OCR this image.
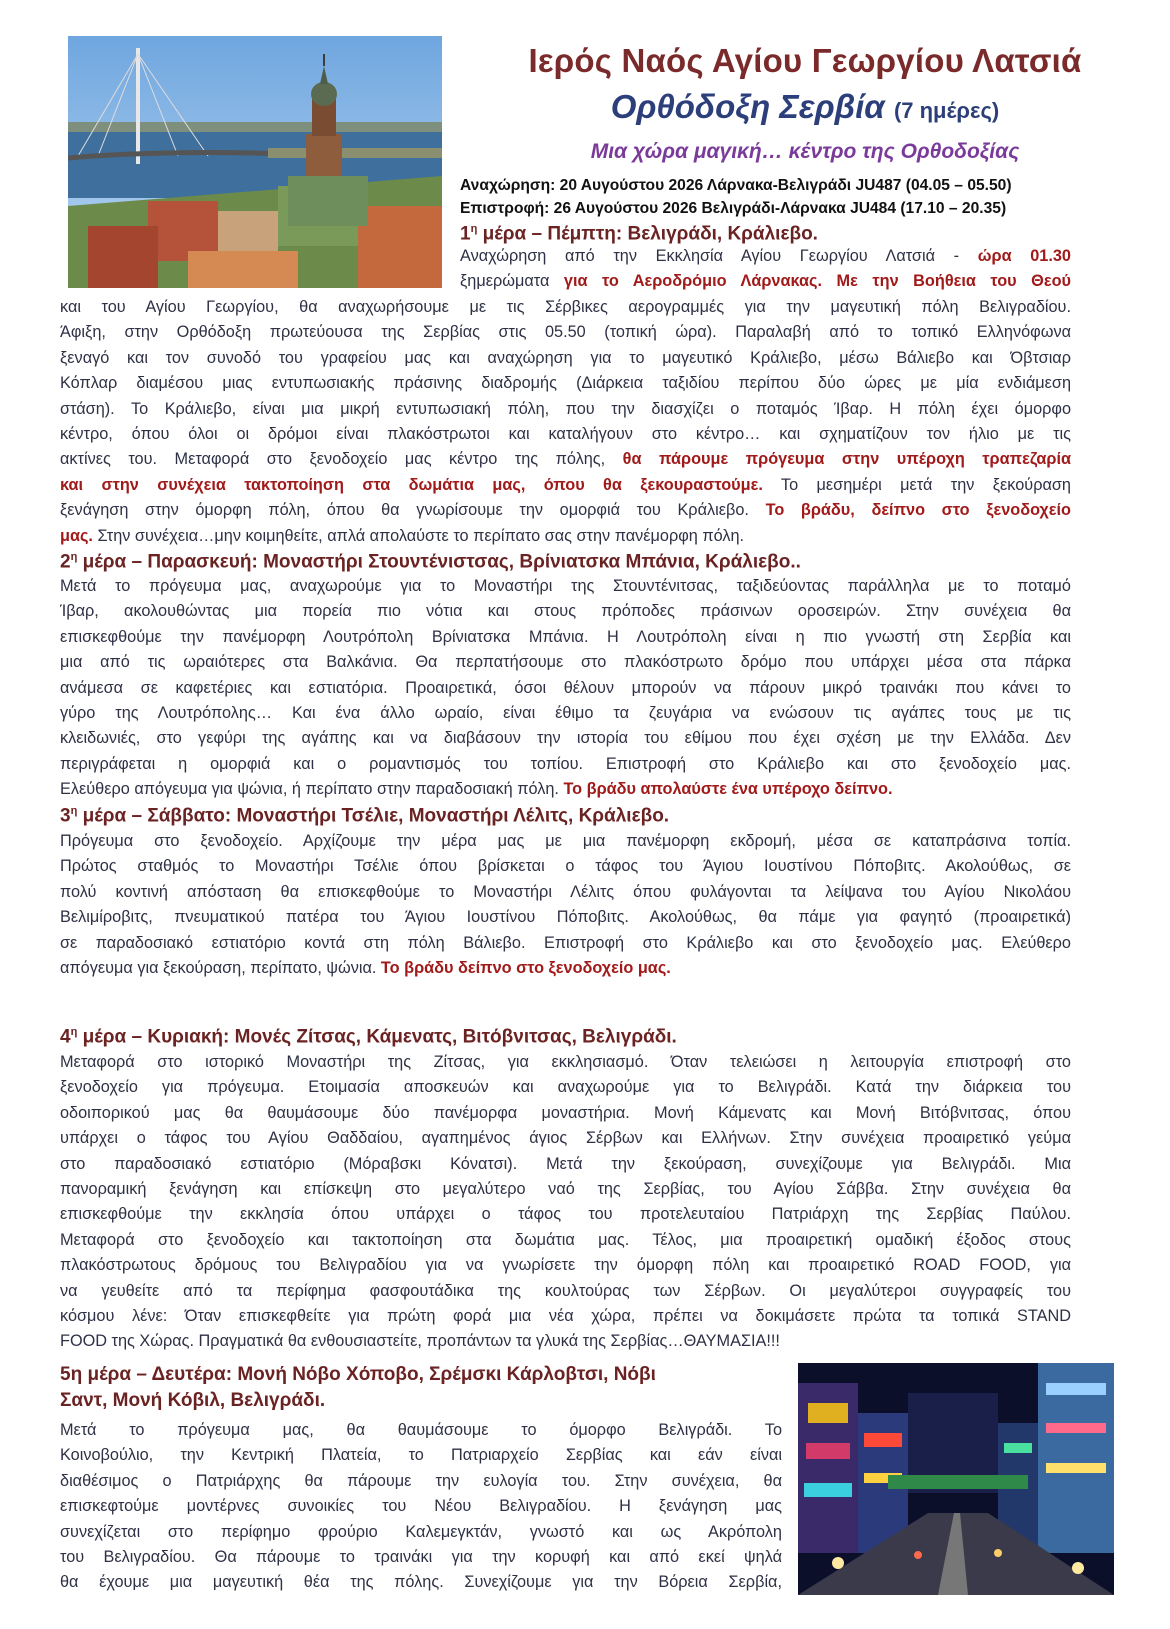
Ιερός Ναός Αγίου Γεωργίου Λατσιά
Ορθόδοξη Σερβία (7 ημέρες)
Μια χώρα μαγική… κέντρο της Ορθοδοξίας
Αναχώρηση: 20 Αυγούστου 2026 Λάρνακα-Βελιγράδι JU487 (04.05 – 05.50)
Επιστροφή: 26 Αυγούστου 2026 Βελιγράδι-Λάρνακα JU484 (17.10 – 20.35)
$1^\eta$ μέρα – Πέμπτη: Βελιγράδι, Κράλιεβο.
Αναχώρηση από την Εκκλησία Αγίου Γεωργίου Λατσιά - ώρα 01.30
ξημερώματα για το Αεροδρόμιο Λάρνακας. Με την Βοήθεια του Θεού
και του Αγίου Γεωργίου, θα αναχωρήσουμε με τις Σέρβικες αερογραμμές για την μαγευτική πόλη Βελιγραδίου.
Άφιξη, στην Ορθόδοξη πρωτεύουσα της Σερβίας στις 05.50 (τοπική ώρα). Παραλαβή από το τοπικό Ελληνόφωνα
ξεναγό και τον συνοδό του γραφείου μας και αναχώρηση για το μαγευτικό Κράλιεβο, μέσω Βάλιεβο και Όβτσιαρ
Κόπλαρ διαμέσου μιας εντυπωσιακής πράσινης διαδρομής (Διάρκεια ταξιδίου περίπου δύο ώρες με μία ενδιάμεση
στάση). Το Κράλιεβο, είναι μια μικρή εντυπωσιακή πόλη, που την διασχίζει ο ποταμός Ίβαρ. Η πόλη έχει όμορφο
κέντρο, όπου όλοι οι δρόμοι είναι πλακόστρωτοι και καταλήγουν στο κέντρο… και σχηματίζουν τον ήλιο με τις
ακτίνες του. Μεταφορά στο ξενοδοχείο μας κέντρο της πόλης, θα πάρουμε πρόγευμα στην υπέροχη τραπεζαρία
και στην συνέχεια τακτοποίηση στα δωμάτια μας, όπου θα ξεκουραστούμε. Το μεσημέρι μετά την ξεκούραση
ξενάγηση στην όμορφη πόλη, όπου θα γνωρίσουμε την ομορφιά του Κράλιεβο. Το βράδυ, δείπνο στο ξενοδοχείο
μας. Στην συνέχεια…μην κοιμηθείτε, απλά απολαύστε το περίπατο σας στην πανέμορφη πόλη.
$2^\eta$ μέρα – Παρασκευή: Μοναστήρι Στουντένιστσας, Βρίνιατσκα Μπάνια, Κράλιεβο..
Μετά το πρόγευμα μας, αναχωρούμε για το Μοναστήρι της Στουντένιτσας, ταξιδεύοντας παράλληλα με το ποταμό
Ίβαρ, ακολουθώντας μια πορεία πιο νότια και στους πρόποδες πράσινων οροσειρών. Στην συνέχεια θα
επισκεφθούμε την πανέμορφη Λουτρόπολη Βρίνιατσκα Μπάνια. Η Λουτρόπολη είναι η πιο γνωστή στη Σερβία και
μια από τις ωραιότερες στα Βαλκάνια. Θα περπατήσουμε στο πλακόστρωτο δρόμο που υπάρχει μέσα στα πάρκα
ανάμεσα σε καφετέριες και εστιατόρια. Προαιρετικά, όσοι θέλουν μπορούν να πάρουν μικρό τραινάκι που κάνει το
γύρο της Λουτρόπολης… Και ένα άλλο ωραίο, είναι έθιμο τα ζευγάρια να ενώσουν τις αγάπες τους με τις
κλειδωνιές, στο γεφύρι της αγάπης και να διαβάσουν την ιστορία του εθίμου που έχει σχέση με την Ελλάδα. Δεν
περιγράφεται η ομορφιά και ο ρομαντισμός του τοπίου. Επιστροφή στο Κράλιεβο και στο ξενοδοχείο μας.
Ελεύθερο απόγευμα για ψώνια, ή περίπατο στην παραδοσιακή πόλη. Το βράδυ απολαύστε ένα υπέροχο δείπνο.
$3^\eta$ μέρα – Σάββατο: Μοναστήρι Τσέλιε, Μοναστήρι Λέλιτς, Κράλιεβο.
Πρόγευμα στο ξενοδοχείο. Αρχίζουμε την μέρα μας με μια πανέμορφη εκδρομή, μέσα σε καταπράσινα τοπία.
Πρώτος σταθμός το Μοναστήρι Τσέλιε όπου βρίσκεται ο τάφος του Άγιου Ιουστίνου Πόποβιτς. Ακολούθως, σε
πολύ κοντινή απόσταση θα επισκεφθούμε το Μοναστήρι Λέλιτς όπου φυλάγονται τα λείψανα του Αγίου Νικολάου
Βελιμίροβιτς, πνευματικού πατέρα του Άγιου Ιουστίνου Πόποβιτς. Ακολούθως, θα πάμε για φαγητό (προαιρετικά)
σε παραδοσιακό εστιατόριο κοντά στη πόλη Βάλιεβο. Επιστροφή στο Κράλιεβο και στο ξενοδοχείο μας. Ελεύθερο
απόγευμα για ξεκούραση, περίπατο, ψώνια. Το βράδυ δείπνο στο ξενοδοχείο μας.
$4^\eta$ μέρα – Κυριακή: Μονές Ζίτσας, Κάμενατς, Βιτόβνιτσας, Βελιγράδι.
Μεταφορά στο ιστορικό Μοναστήρι της Ζίτσας, για εκκλησιασμό. Όταν τελειώσει η λειτουργία επιστροφή στο
ξενοδοχείο για πρόγευμα. Ετοιμασία αποσκευών και αναχωρούμε για το Βελιγράδι. Κατά την διάρκεια του
οδοιπορικού μας θα θαυμάσουμε δύο πανέμορφα μοναστήρια. Μονή Κάμενατς και Μονή Βιτόβνιτσας, όπου
υπάρχει ο τάφος του Αγίου Θαδδαίου, αγαπημένος άγιος Σέρβων και Ελλήνων. Στην συνέχεια προαιρετικό γεύμα
στο παραδοσιακό εστιατόριο (Μόραβσκι Κόνατσι). Μετά την ξεκούραση, συνεχίζουμε για Βελιγράδι. Μια
πανοραμική ξενάγηση και επίσκεψη στο μεγαλύτερο ναό της Σερβίας, του Αγίου Σάββα. Στην συνέχεια θα
επισκεφθούμε την εκκλησία όπου υπάρχει ο τάφος του προτελευταίου Πατριάρχη της Σερβίας Παύλου.
Μεταφορά στο ξενοδοχείο και τακτοποίηση στα δωμάτια μας. Τέλος, μια προαιρετική ομαδική έξοδος στους
πλακόστρωτους δρόμους του Βελιγραδίου για να γνωρίσετε την όμορφη πόλη και προαιρετικό ROAD FOOD, για
να γευθείτε από τα περίφημα φασφουτάδικα της κουλτούρας των Σέρβων. Οι μεγαλύτεροι συγγραφείς του
κόσμου λένε: Όταν επισκεφθείτε για πρώτη φορά μια νέα χώρα, πρέπει να δοκιμάσετε πρώτα τα τοπικά STAND
FOOD της Χώρας. Πραγματικά θα ενθουσιαστείτε, προπάντων τα γλυκά της Σερβίας…ΘΑΥΜΑΣΙΑ!!!
5η μέρα – Δευτέρα: Μονή Νόβο Χόποβο, Σρέμσκι Κάρλοβτσι, Νόβι
Σαντ, Μονή Κόβιλ, Βελιγράδι.
Μετά το πρόγευμα μας, θα θαυμάσουμε το όμορφο Βελιγράδι. Το
Κοινοβούλιο, την Κεντρική Πλατεία, το Πατριαρχείο Σερβίας και εάν είναι
διαθέσιμος ο Πατριάρχης θα πάρουμε την ευλογία του. Στην συνέχεια, θα
επισκεφτούμε μοντέρνες συνοικίες του Νέου Βελιγραδίου. Η ξενάγηση μας
συνεχίζεται στο περίφημο φρούριο Καλεμεγκτάν, γνωστό και ως Ακρόπολη
του Βελιγραδίου. Θα πάρουμε το τραινάκι για την κορυφή και από εκεί ψηλά
θα έχουμε μια μαγευτική θέα της πόλης. Συνεχίζουμε για την Βόρεια Σερβία,
